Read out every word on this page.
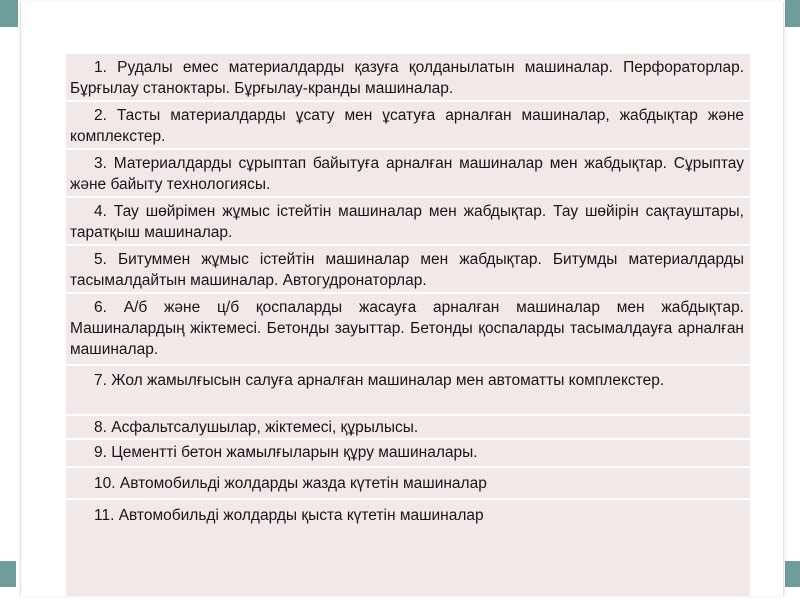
1. Рудалы емес материалдарды қазуға қолданылатын машиналар. Перфораторлар. Бұрғылау станоктары. Бұрғылау-кранды машиналар.
2. Тасты материалдарды ұсату мен ұсатуға арналған машиналар, жабдықтар және комплекстер.
3. Материалдарды сұрыптап байытуға арналған машиналар мен жабдықтар. Сұрыптау және байыту технологиясы.
4. Тау шөйрімен жұмыс істейтін машиналар мен жабдықтар. Тау шөйірін сақтауштары, таратқыш машиналар.
5. Битуммен жұмыс істейтін машиналар мен жабдықтар. Битумды материалдарды тасымалдайтын машиналар. Автогудронаторлар.
6. А/б және ц/б қоспаларды жасауға арналған машиналар мен жабдықтар. Машиналардың жіктемесі. Бетонды зауыттар. Бетонды қоспаларды тасымалдауға арналған машиналар.
7. Жол жамылғысын салуға арналған машиналар мен автоматты комплекстер.
8. Асфальтсалушылар, жіктемесі, құрылысы.
9. Цементті бетон жамылғыларын құру машиналары.
10. Автомобильді жолдарды жазда күтетін машиналар
11. Автомобильді жолдарды қыста күтетін машиналар
